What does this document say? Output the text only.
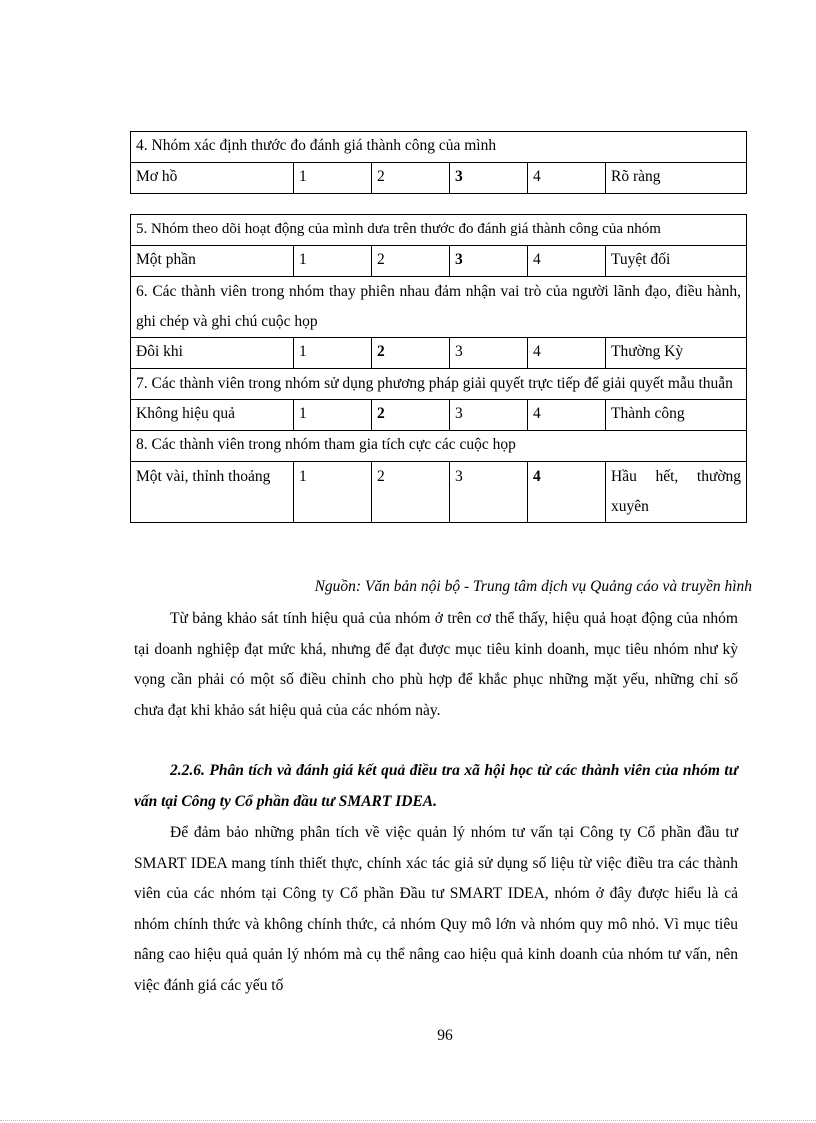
4. Nhóm xác định thước đo đánh giá thành công của mình
Mơ hồ	1	2	3	4	Rõ ràng
5. Nhóm theo dõi hoạt động của mình dưa trên thước đo đánh giá thành công của nhóm					
Một phần	1	2	3	4	Tuyệt đối
6. Các thành viên trong nhóm thay phiên nhau đảm nhận vai trò của người lãnh đạo, điều hành, ghi chép và ghi chú cuộc họp					
Đôi khi	1	2	3	4	Thường Kỳ
7. Các thành viên trong nhóm sử dụng phương pháp giải quyết trực tiếp để giải quyết mẫu thuẫn					
Không hiệu quả	1	2	3	4	Thành công
8. Các thành viên trong nhóm tham gia tích cực các cuộc họp					
Một vài, thỉnh thoảng	1	2	3	4	Hầu hết, thường xuyên
Nguồn: Văn bản nội bộ - Trung tâm dịch vụ Quảng cáo và truyền hình

Từ bảng khảo sát tính hiệu quả của nhóm ở trên cơ thể thấy, hiệu quả hoạt động của nhóm tại doanh nghiệp đạt mức khá, nhưng để đạt được mục tiêu kinh doanh, mục tiêu nhóm như kỳ vọng cần phải có một số điều chỉnh cho phù hợp để khắc phục những mặt yếu, những chỉ số chưa đạt khi khảo sát hiệu quả của các nhóm này.

2.2.6. Phân tích và đánh giá kết quả điều tra xã hội học từ các thành viên của nhóm tư vấn tại Công ty Cổ phần đầu tư SMART IDEA.

Để đảm bảo những phân tích về việc quản lý nhóm tư vấn tại Công ty Cổ phần đầu tư SMART IDEA mang tính thiết thực, chính xác tác giả sử dụng số liệu từ việc điều tra các thành viên của các nhóm tại Công ty Cổ phần Đầu tư SMART IDEA, nhóm ở đây được hiểu là cả nhóm chính thức và không chính thức, cả nhóm Quy mô lớn và nhóm quy mô nhỏ. Vì mục tiêu nâng cao hiệu quả quản lý nhóm mà cụ thể nâng cao hiệu quả kinh doanh của nhóm tư vấn, nên việc đánh giá các yếu tố

96
